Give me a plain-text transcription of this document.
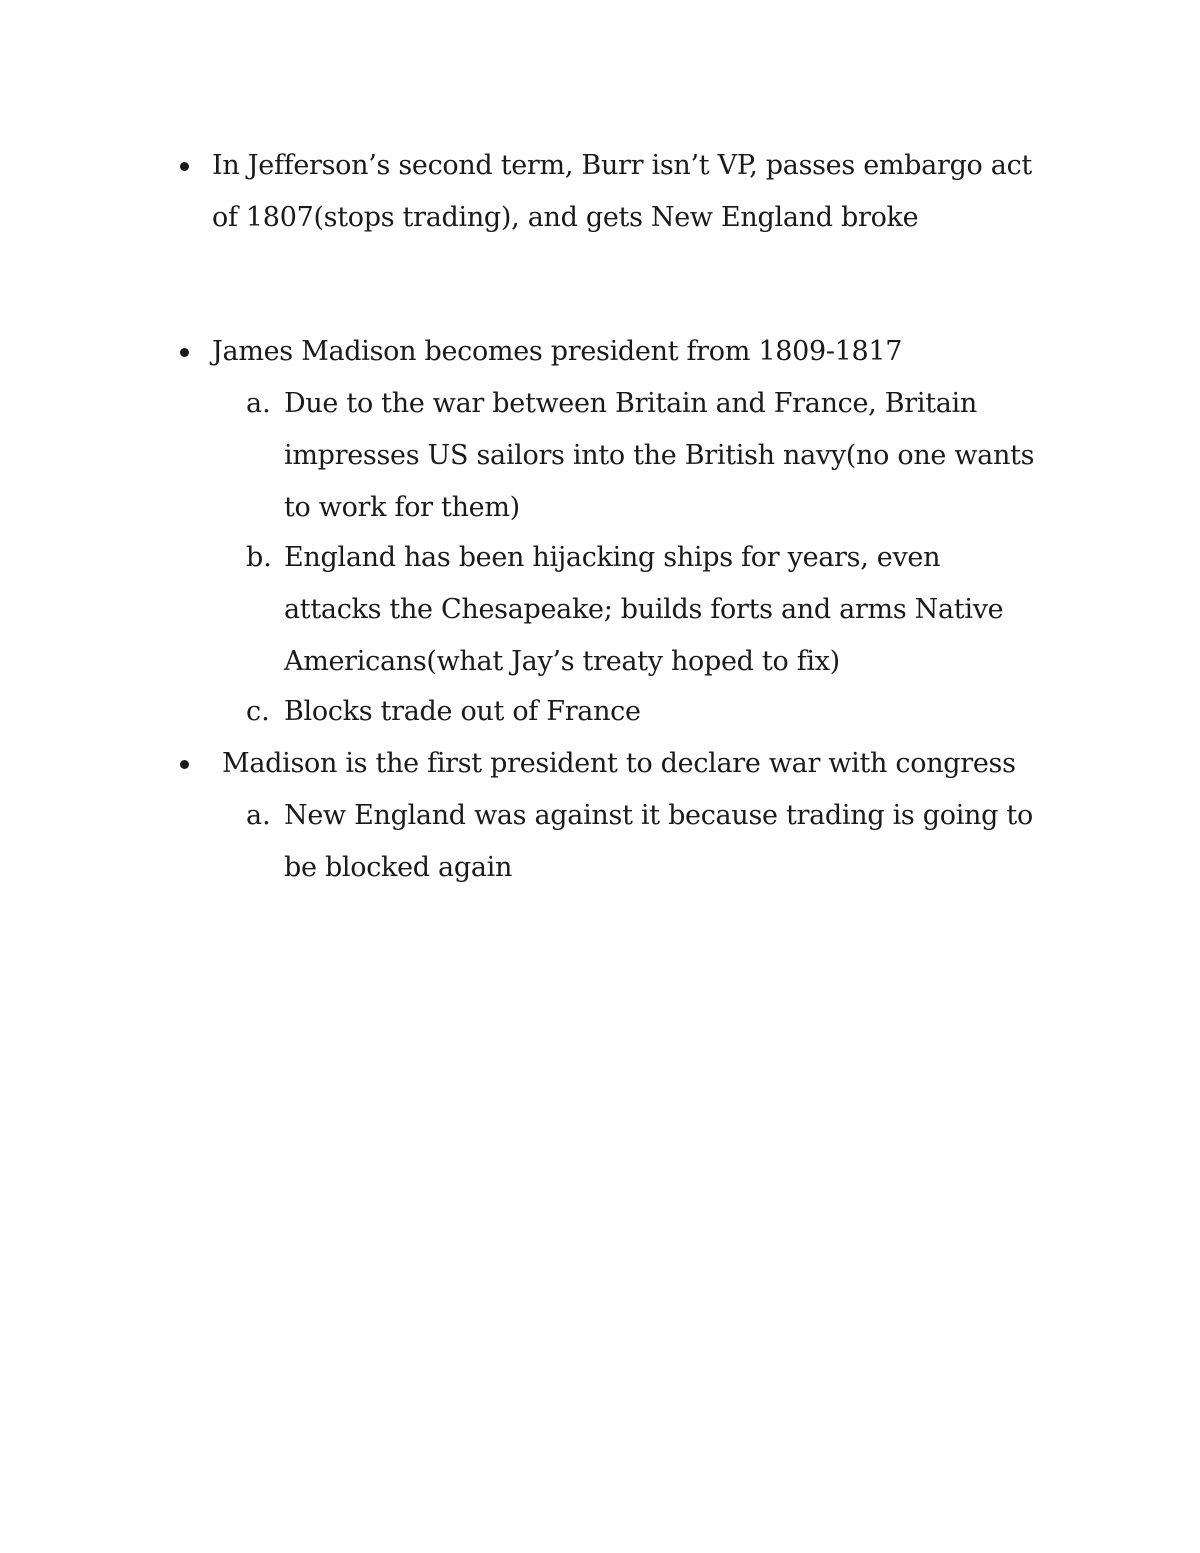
In Jefferson’s second term, Burr isn’t VP, passes embargo act
of 1807(stops trading), and gets New England broke
James Madison becomes president from 1809-1817
a. Due to the war between Britain and France, Britain
impresses US sailors into the British navy(no one wants
to work for them)
b. England has been hijacking ships for years, even
attacks the Chesapeake; builds forts and arms Native
Americans(what Jay’s treaty hoped to fix)
c. Blocks trade out of France
Madison is the first president to declare war with congress
a. New England was against it because trading is going to
be blocked again
